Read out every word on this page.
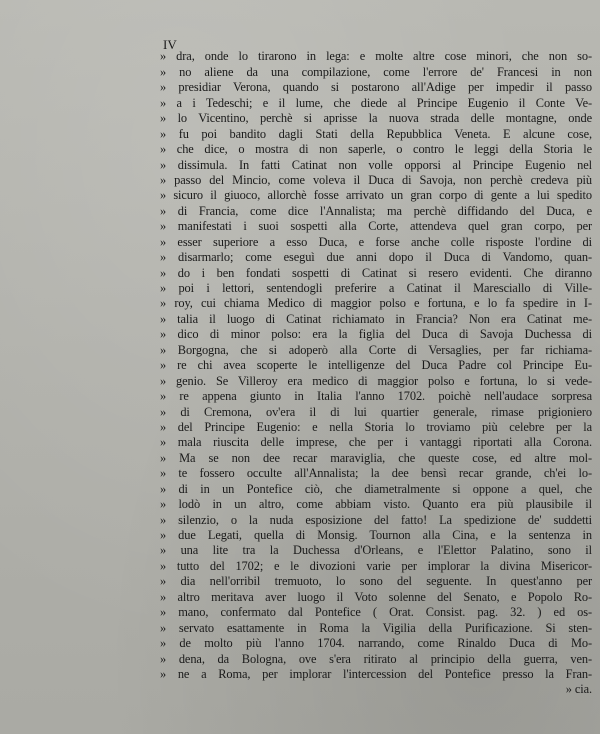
IV
» dra, onde lo tirarono in lega: e molte altre cose minori, che non so-
» no aliene da una compilazione, come l'errore de' Francesi in non
» presidiar Verona, quando si postarono all'Adige per impedir il passo
» a i Tedeschi; e il lume, che diede al Principe Eugenio il Conte Ve-
» lo Vicentino, perchè si aprisse la nuova strada delle montagne, onde
» fu poi bandito dagli Stati della Repubblica Veneta. E alcune cose,
» che dice, o mostra di non saperle, o contro le leggi della Storia le
» dissimula. In fatti Catinat non volle opporsi al Principe Eugenio nel
» passo del Mincio, come voleva il Duca di Savoja, non perchè credeva più
» sicuro il giuoco, allorchè fosse arrivato un gran corpo di gente a lui spedito
» di Francia, come dice l'Annalista; ma perchè diffidando del Duca, e
» manifestati i suoi sospetti alla Corte, attendeva quel gran corpo, per
» esser superiore a esso Duca, e forse anche colle risposte l'ordine di
» disarmarlo; come eseguì due anni dopo il Duca di Vandomo, quan-
» do i ben fondati sospetti di Catinat si resero evidenti. Che diranno
» poi i lettori, sentendogli preferire a Catinat il Maresciallo di Ville-
» roy, cui chiama Medico di maggior polso e fortuna, e lo fa spedire in I-
» talia il luogo di Catinat richiamato in Francia? Non era Catinat me-
» dico di minor polso: era la figlia del Duca di Savoja Duchessa di
» Borgogna, che si adoperò alla Corte di Versaglies, per far richiama-
» re chi avea scoperte le intelligenze del Duca Padre col Principe Eu-
» genio. Se Villeroy era medico di maggior polso e fortuna, lo si vede-
» re appena giunto in Italia l'anno 1702. poichè nell'audace sorpresa
» di Cremona, ov'era il di lui quartier generale, rimase prigioniero
» del Principe Eugenio: e nella Storia lo troviamo più celebre per la
» mala riuscita delle imprese, che per i vantaggi riportati alla Corona.
» Ma se non dee recar maraviglia, che queste cose, ed altre mol-
» te fossero occulte all'Annalista; la dee bensì recar grande, ch'ei lo-
» di in un Pontefice ciò, che diametralmente si oppone a quel, che
» lodò in un altro, come abbiam visto. Quanto era più plausibile il
» silenzio, o la nuda esposizione del fatto! La spedizione de' suddetti
» due Legati, quella di Monsig. Tournon alla Cina, e la sentenza in
» una lite tra la Duchessa d'Orleans, e l'Elettor Palatino, sono il
» tutto del 1702; e le divozioni varie per implorar la divina Misericor-
» dia nell'orribil tremuoto, lo sono del seguente. In quest'anno per
» altro meritava aver luogo il Voto solenne del Senato, e Popolo Ro-
» mano, confermato dal Pontefice ( Orat. Consist. pag. 32. ) ed os-
» servato esattamente in Roma la Vigilia della Purificazione. Si sten-
» de molto più l'anno 1704. narrando, come Rinaldo Duca di Mo-
» dena, da Bologna, ove s'era ritirato al principio della guerra, ven-
» ne a Roma, per implorar l'intercession del Pontefice presso la Fran-
» cia.
